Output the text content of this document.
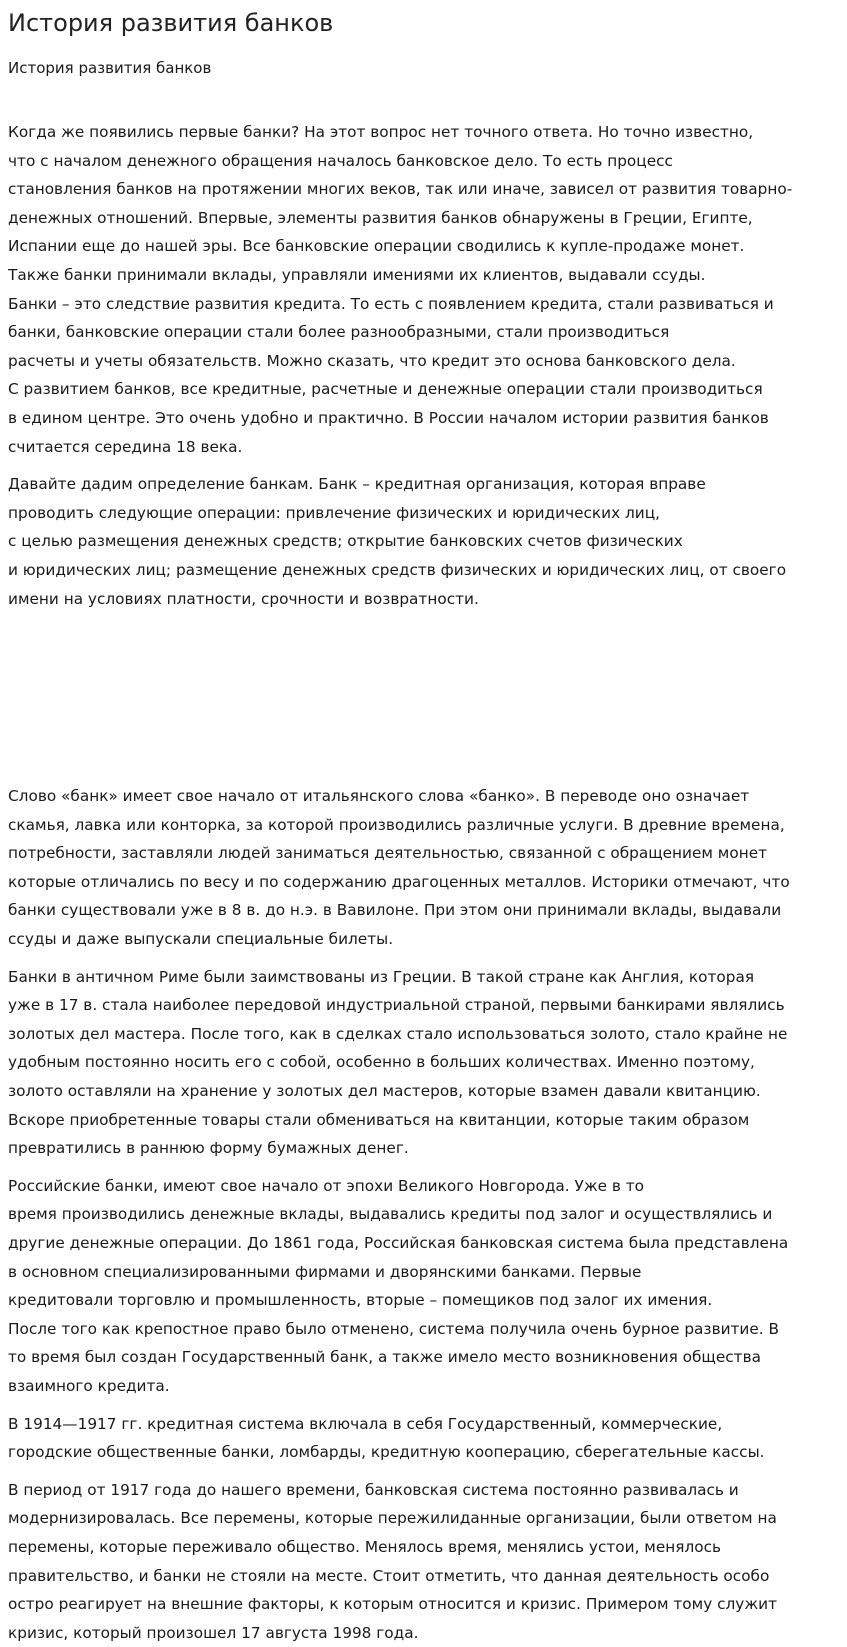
История развития банков
История развития банков

Когда же появились первые банки? На этот вопрос нет точного ответа. Но точно известно,
что с началом денежного обращения началось банковское дело. То есть процесс
становления банков на протяжении многих веков, так или иначе, зависел от развития товарно-
денежных отношений. Впервые, элементы развития банков обнаружены в Греции, Египте,
Испании еще до нашей эры. Все банковские операции сводились к купле-продаже монет.
Также банки принимали вклады, управляли имениями их клиентов, выдавали ссуды.
Банки – это следствие развития кредита. То есть с появлением кредита, стали развиваться и
банки, банковские операции стали более разнообразными, стали производиться
расчеты и учеты обязательств. Можно сказать, что кредит это основа банковского дела.
С развитием банков, все кредитные, расчетные и денежные операции стали производиться
в едином центре. Это очень удобно и практично. В России началом истории развития банков
считается середина 18 века.

Давайте дадим определение банкам. Банк – кредитная организация, которая вправе
проводить следующие операции: привлечение физических и юридических лиц,
с целью размещения денежных средств; открытие банковских счетов физических
и юридических лиц; размещение денежных средств физических и юридических лиц, от своего
имени на условиях платности, срочности и возвратности.

Слово «банк» имеет свое начало от итальянского слова «банко». В переводе оно означает
скамья, лавка или конторка, за которой производились различные услуги. В древние времена,
потребности, заставляли людей заниматься деятельностью, связанной с обращением монет
которые отличались по весу и по содержанию драгоценных металлов. Историки отмечают, что
банки существовали уже в 8 в. до н.э. в Вавилоне. При этом они принимали вклады, выдавали
ссуды и даже выпускали специальные билеты.

Банки в античном Риме были заимствованы из Греции. В такой стране как Англия, которая
уже в 17 в. стала наиболее передовой индустриальной страной, первыми банкирами являлись
золотых дел мастера. После того, как в сделках стало использоваться золото, стало крайне не
удобным постоянно носить его с собой, особенно в больших количествах. Именно поэтому,
золото оставляли на хранение у золотых дел мастеров, которые взамен давали квитанцию.
Вскоре приобретенные товары стали обмениваться на квитанции, которые таким образом
превратились в раннюю форму бумажных денег.

Российские банки, имеют свое начало от эпохи Великого Новгорода. Уже в то
время производились денежные вклады, выдавались кредиты под залог и осуществлялись и
другие денежные операции. До 1861 года, Российская банковская система была представлена
в основном специализированными фирмами и дворянскими банками. Первые
кредитовали торговлю и промышленность, вторые – помещиков под залог их имения.
После того как крепостное право было отменено, система получила очень бурное развитие. В
то время был создан Государственный банк, а также имело место возникновения общества
взаимного кредита.

В 1914—1917 гг. кредитная система включала в себя Государственный, коммерческие,
городские общественные банки, ломбарды, кредитную кооперацию, сберегательные кассы.

В период от 1917 года до нашего времени, банковская система постоянно развивалась и
модернизировалась. Все перемены, которые пережилиданные организации, были ответом на
перемены, которые переживало общество. Менялось время, менялись устои, менялось
правительство, и банки не стояли на месте. Стоит отметить, что данная деятельность особо
остро реагирует на внешние факторы, к которым относится и кризис. Примером тому служит
кризис, который произошел 17 августа 1998 года.
